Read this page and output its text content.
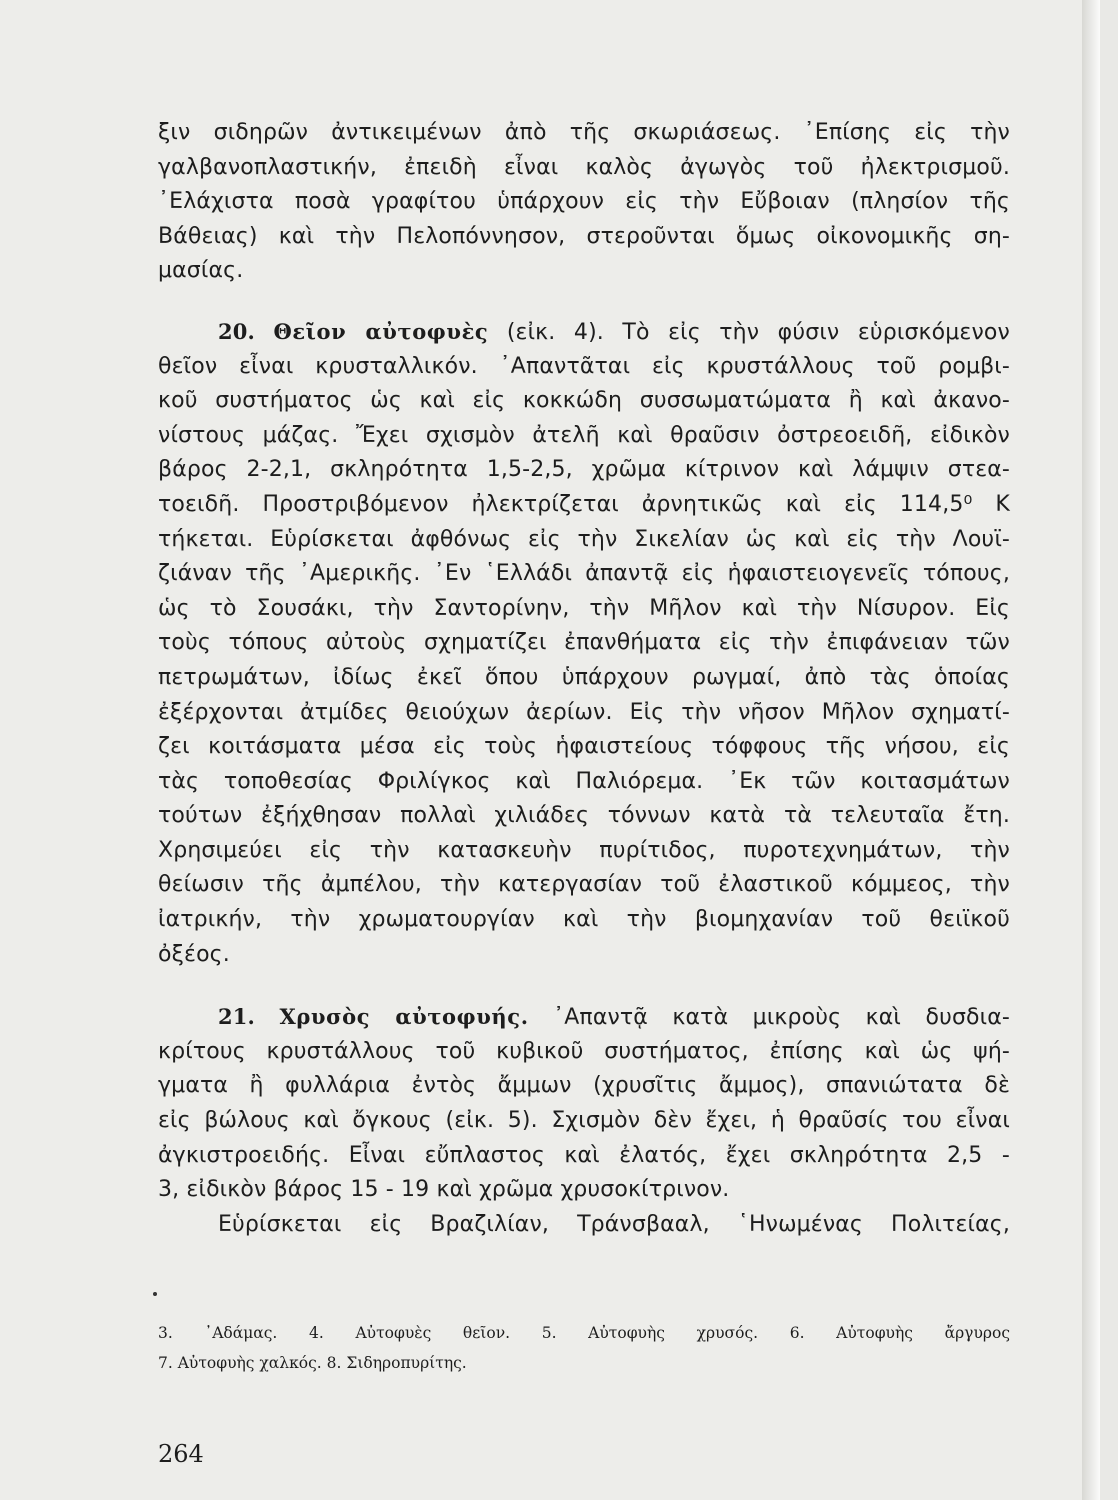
ξιν σιδηρῶν ἀντικειμένων ἀπὸ τῆς σκωριάσεως. ᾿Επίσης εἰς τὴν
γαλβανοπλαστικήν, ἐπειδὴ εἶναι καλὸς ἀγωγὸς τοῦ ἠλεκτρισμοῦ.
᾿Ελάχιστα ποσὰ γραφίτου ὑπάρχουν εἰς τὴν Εὔβοιαν (πλησίον τῆς
Βάθειας) καὶ τὴν Πελοπόννησον, στεροῦνται ὅμως οἰκονομικῆς ση-
μασίας.
20. Θεῖον αὐτοφυὲς (εἰκ. 4). Τὸ εἰς τὴν φύσιν εὑρισκόμενον
θεῖον εἶναι κρυσταλλικόν. ᾿Απαντᾶται εἰς κρυστάλλους τοῦ ρομβι-
κοῦ συστήματος ὡς καὶ εἰς κοκκώδη συσσωματώματα ἢ καὶ ἀκανο-
νίστους μάζας. Ἔχει σχισμὸν ἀτελῆ καὶ θραῦσιν ὀστρεοειδῆ, εἰδικὸν
βάρος 2-2,1, σκληρότητα 1,5-2,5, χρῶμα κίτρινον καὶ λάμψιν στεα-
τοειδῆ. Προστριβόμενον ἠλεκτρίζεται ἀρνητικῶς καὶ εἰς 114,5⁰ Κ
τήκεται. Εὑρίσκεται ἀφθόνως εἰς τὴν Σικελίαν ὡς καὶ εἰς τὴν Λουϊ-
ζιάναν τῆς ᾿Αμερικῆς. ᾿Εν ῾Ελλάδι ἀπαντᾷ εἰς ἡφαιστειογενεῖς τόπους,
ὡς τὸ Σουσάκι, τὴν Σαντορίνην, τὴν Μῆλον καὶ τὴν Νίσυρον. Εἰς
τοὺς τόπους αὐτοὺς σχηματίζει ἐπανθήματα εἰς τὴν ἐπιφάνειαν τῶν
πετρωμάτων, ἰδίως ἐκεῖ ὅπου ὑπάρχουν ρωγμαί, ἀπὸ τὰς ὁποίας
ἐξέρχονται ἀτμίδες θειούχων ἀερίων. Εἰς τὴν νῆσον Μῆλον σχηματί-
ζει κοιτάσματα μέσα εἰς τοὺς ἡφαιστείους τόφφους τῆς νήσου, εἰς
τὰς τοποθεσίας Φριλίγκος καὶ Παλιόρεμα. ᾿Εκ τῶν κοιτασμάτων
τούτων ἐξήχθησαν πολλαὶ χιλιάδες τόννων κατὰ τὰ τελευταῖα ἔτη.
Χρησιμεύει εἰς τὴν κατασκευὴν πυρίτιδος, πυροτεχνημάτων, τὴν
θείωσιν τῆς ἀμπέλου, τὴν κατεργασίαν τοῦ ἐλαστικοῦ κόμμεος, τὴν
ἰατρικήν, τὴν χρωματουργίαν καὶ τὴν βιομηχανίαν τοῦ θειϊκοῦ
ὀξέος.
21. Χρυσὸς αὐτοφυής. ᾿Απαντᾷ κατὰ μικροὺς καὶ δυσδια-
κρίτους κρυστάλλους τοῦ κυβικοῦ συστήματος, ἐπίσης καὶ ὡς ψή-
γματα ἢ φυλλάρια ἐντὸς ἄμμων (χρυσῖτις ἄμμος), σπανιώτατα δὲ
εἰς βώλους καὶ ὄγκους (εἰκ. 5). Σχισμὸν δὲν ἔχει, ἡ θραῦσίς του εἶναι
ἀγκιστροειδής. Εἶναι εὔπλαστος καὶ ἐλατός, ἔχει σκληρότητα 2,5 -
3, εἰδικὸν βάρος 15 - 19 καὶ χρῶμα χρυσοκίτρινον.
Εὑρίσκεται εἰς Βραζιλίαν, Τράνσβααλ, ῾Ηνωμένας Πολιτείας,
3. ᾿Αδάμας. 4. Αὐτοφυὲς θεῖον. 5. Αὐτοφυὴς χρυσός. 6. Αὐτοφυὴς ἄργυρος
7. Αὐτοφυὴς χαλκός. 8. Σιδηροπυρίτης.
264
